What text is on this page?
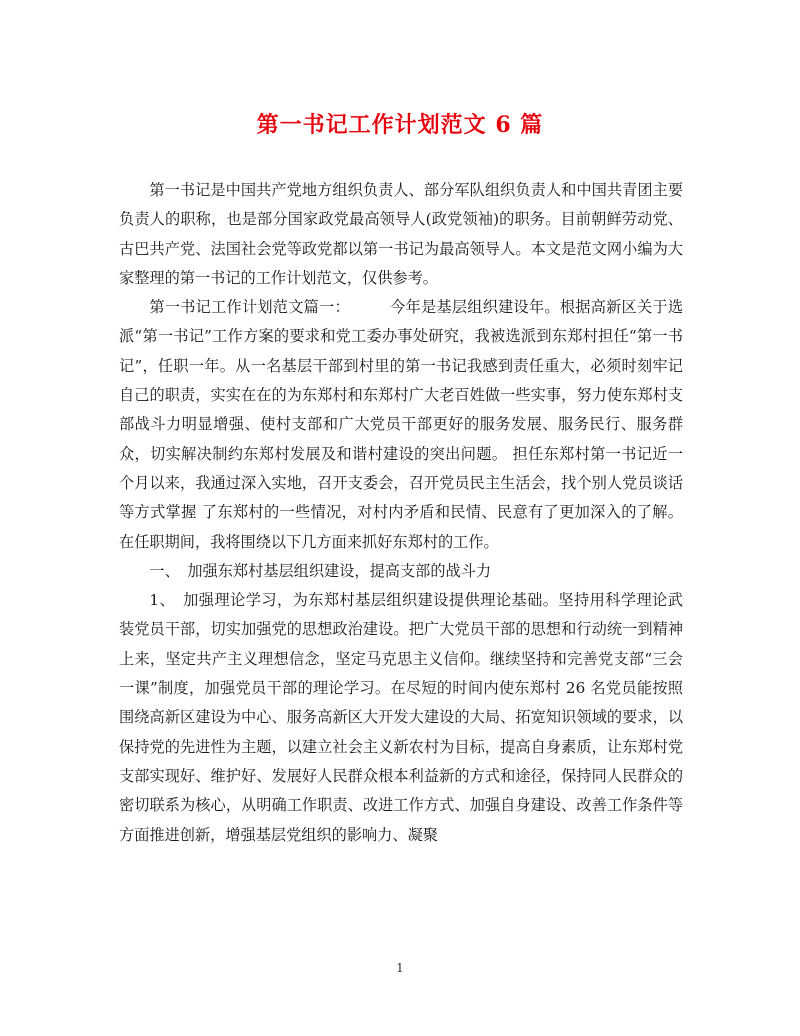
第一书记工作计划范文 6 篇

第一书记是中国共产党地方组织负责人、部分军队组织负责人和中国共青团主要负责人的职称，也是部分国家政党最高领导人(政党领袖)的职务。目前朝鲜劳动党、古巴共产党、法国社会党等政党都以第一书记为最高领导人。本文是范文网小编为大家整理的第一书记的工作计划范文，仅供参考。

第一书记工作计划范文篇一：	今年是基层组织建设年。根据高新区关于选派“第一书记”工作方案的要求和党工委办事处研究，我被选派到东郑村担任“第一书记”，任职一年。从一名基层干部到村里的第一书记我感到责任重大，必须时刻牢记自己的职责，实实在在的为东郑村和东郑村广大老百姓做一些实事，努力使东郑村支部战斗力明显增强、使村支部和广大党员干部更好的服务发展、服务民行、服务群众，切实解决制约东郑村发展及和谐村建设的突出问题。 担任东郑村第一书记近一个月以来，我通过深入实地，召开支委会，召开党员民主生活会，找个别人党员谈话等方式掌握 了东郑村的一些情况，对村内矛盾和民情、民意有了更加深入的了解。在任职期间，我将围绕以下几方面来抓好东郑村的工作。

一、　加强东郑村基层组织建设，提高支部的战斗力

1、　加强理论学习，为东郑村基层组织建设提供理论基础。坚持用科学理论武装党员干部，切实加强党的思想政治建设。把广大党员干部的思想和行动统一到精神上来，坚定共产主义理想信念，坚定马克思主义信仰。继续坚持和完善党支部“三会一课”制度，加强党员干部的理论学习。在尽短的时间内使东郑村 26 名党员能按照围绕高新区建设为中心、服务高新区大开发大建设的大局、拓宽知识领域的要求，以保持党的先进性为主题，以建立社会主义新农村为目标，提高自身素质，让东郑村党支部实现好、维护好、发展好人民群众根本利益新的方式和途径，保持同人民群众的密切联系为核心，从明确工作职责、改进工作方式、加强自身建设、改善工作条件等方面推进创新，增强基层党组织的影响力、凝聚

1
